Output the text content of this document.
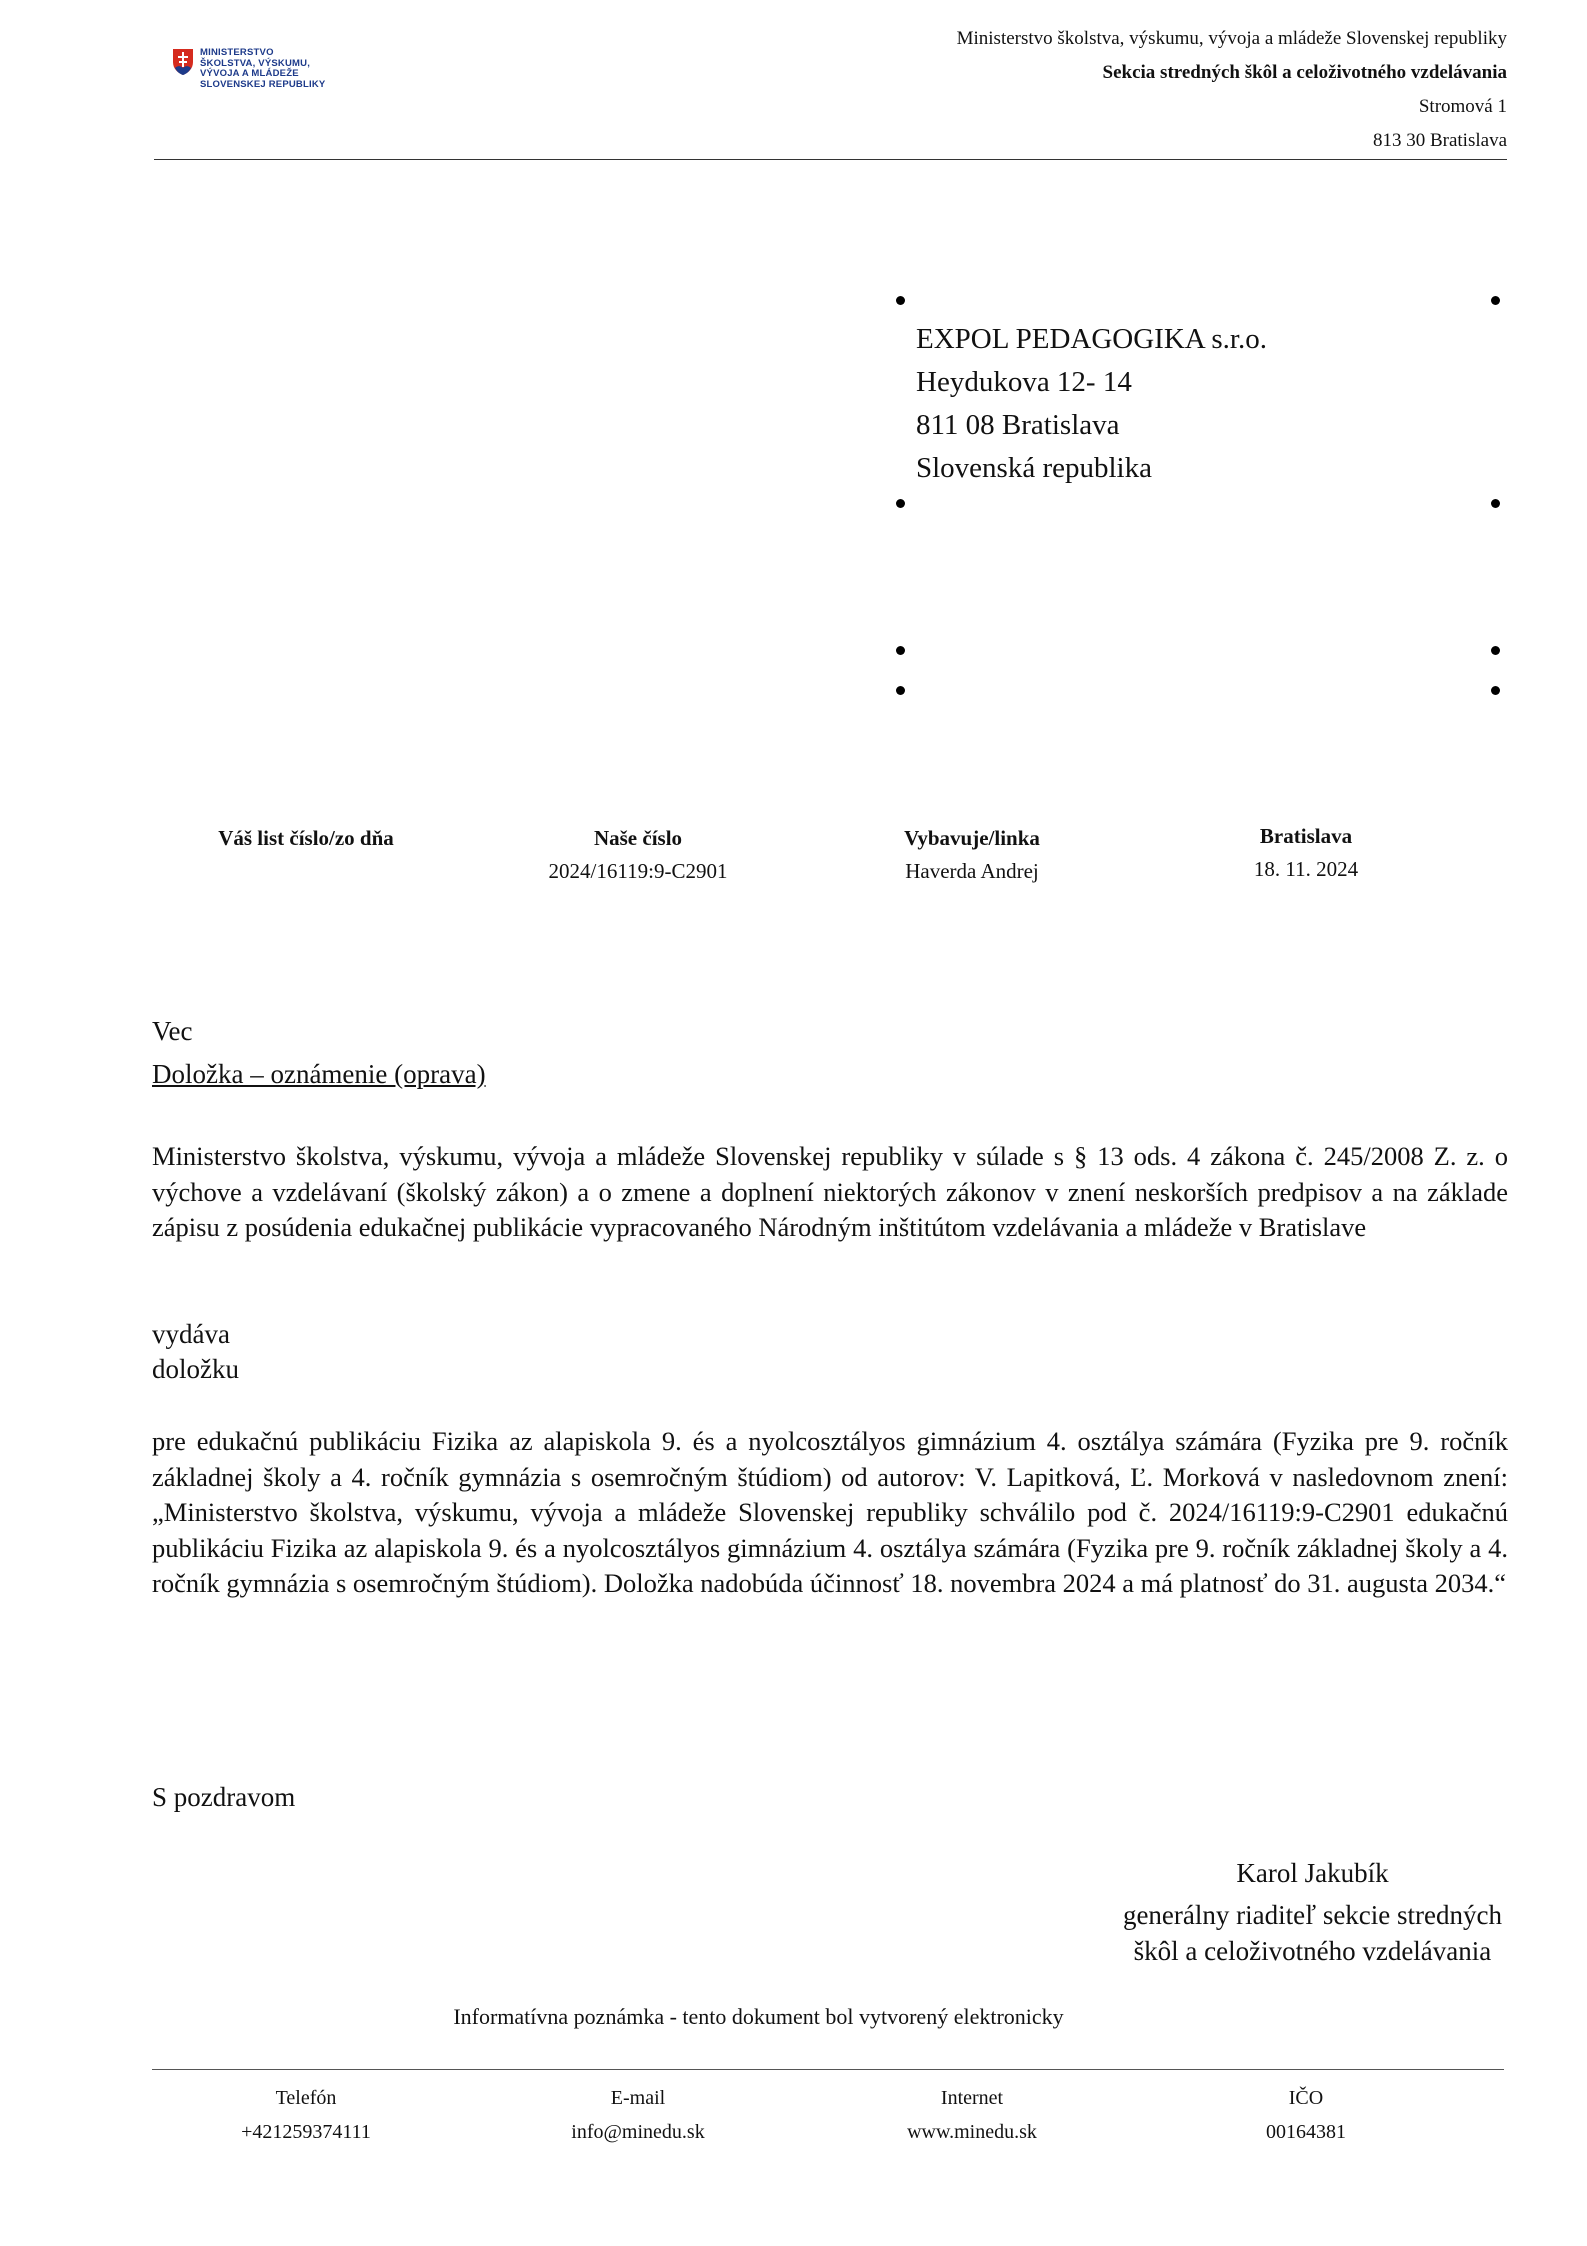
MINISTERSTVO
ŠKOLSTVA, VÝSKUMU,
VÝVOJA A MLÁDEŽE
SLOVENSKEJ REPUBLIKY
Ministerstvo školstva, výskumu, vývoja a mládeže Slovenskej republiky
Sekcia stredných škôl a celoživotného vzdelávania
Stromová 1
813 30 Bratislava
EXPOL PEDAGOGIKA s.r.o.
Heydukova 12- 14
811 08 Bratislava
Slovenská republika
Váš list číslo/zo dňa	Naše číslo
2024/16119:9-C2901
Vybavuje/linka
Haverda Andrej
Bratislava
18. 11. 2024
Vec
Doložka – oznámenie (oprava)
Ministerstvo školstva, výskumu, vývoja a mládeže Slovenskej republiky v súlade s § 13 ods. 4 zákona č. 245/2008 Z. z. o výchove a vzdelávaní (školský zákon) a o zmene a doplnení niektorých zákonov v znení neskorších predpisov a na základe zápisu z posúdenia edukačnej publikácie vypracovaného Národným inštitútom vzdelávania a mládeže v Bratislave
vydáva
doložku
pre edukačnú publikáciu Fizika az alapiskola 9. és a nyolcosztályos gimnázium 4. osztálya számára (Fyzika pre 9. ročník základnej školy a 4. ročník gymnázia s osemročným štúdiom) od autorov: V. Lapitková, Ľ. Morková v nasledovnom znení: „Ministerstvo školstva, výskumu, vývoja a mládeže Slovenskej republiky schválilo pod č. 2024/16119:9-C2901 edukačnú publikáciu Fizika az alapiskola 9. és a nyolcosztályos gimnázium 4. osztálya számára (Fyzika pre 9. ročník základnej školy a 4. ročník gymnázia s osemročným štúdiom). Doložka nadobúda účinnosť 18. novembra 2024 a má platnosť do 31. augusta 2034.“
S pozdravom
Karol Jakubík
generálny riaditeľ sekcie stredných
škôl a celoživotného vzdelávania
Informatívna poznámka - tento dokument bol vytvorený elektronicky
Telefón
+421259374111
E-mail
info@minedu.sk
Internet
www.minedu.sk
IČO
00164381
